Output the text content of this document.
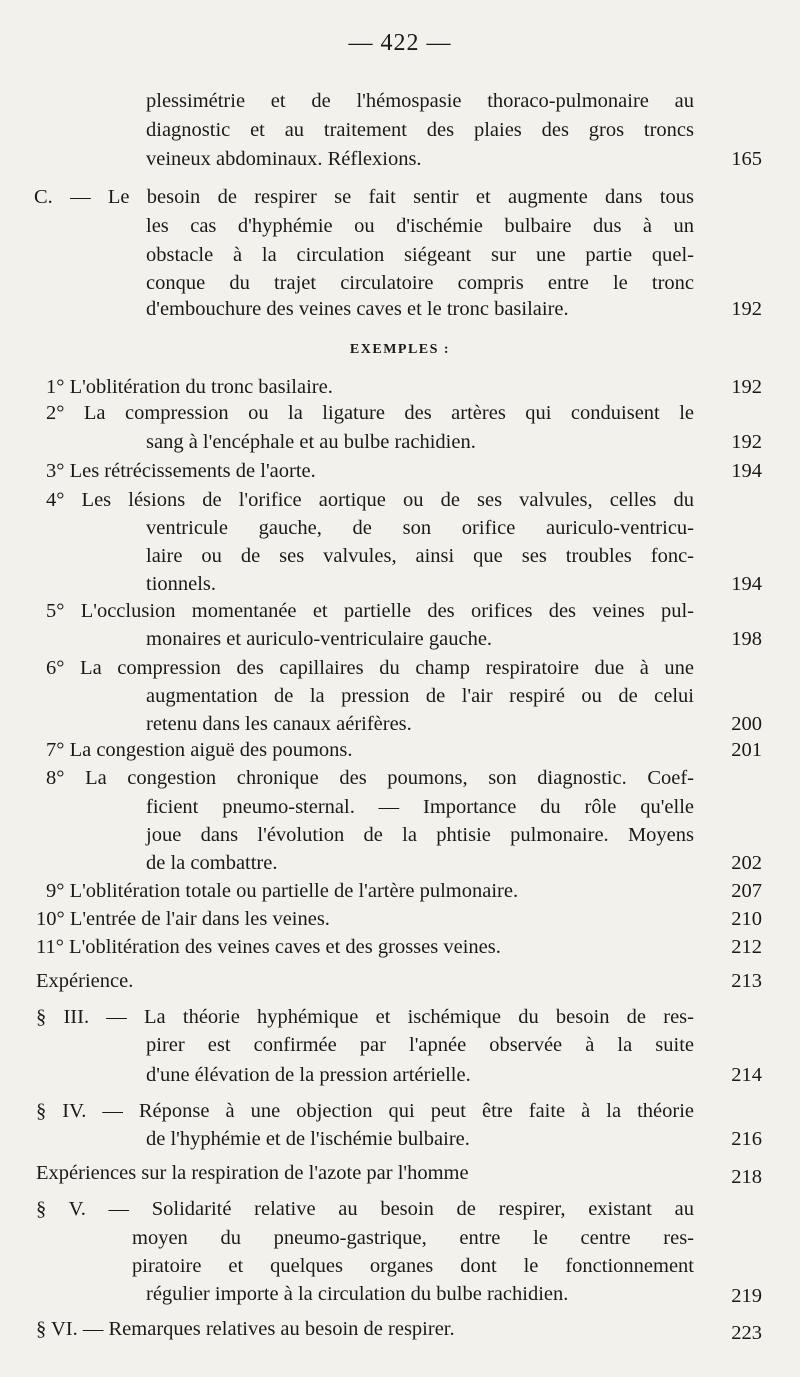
— 422 —
plessimétrie et de l'hémospasie thoraco-pulmonaire au
diagnostic et au traitement des plaies des gros troncs
veineux abdominaux. Réflexions.	165
C. — Le besoin de respirer se fait sentir et augmente dans tous
les cas d'hyphémie ou d'ischémie bulbaire dus à un
obstacle à la circulation siégeant sur une partie quel-
conque du trajet circulatoire compris entre le tronc
d'embouchure des veines caves et le tronc basilaire.	192
EXEMPLES :
1° L'oblitération du tronc basilaire.	192
2° La compression ou la ligature des artères qui conduisent le
sang à l'encéphale et au bulbe rachidien.	192
3° Les rétrécissements de l'aorte.	194
4° Les lésions de l'orifice aortique ou de ses valvules, celles du
ventricule gauche, de son orifice auriculo-ventricu-
laire ou de ses valvules, ainsi que ses troubles fonc-
tionnels.	194
5° L'occlusion momentanée et partielle des orifices des veines pul-
monaires et auriculo-ventriculaire gauche.	198
6° La compression des capillaires du champ respiratoire due à une
augmentation de la pression de l'air respiré ou de celui
retenu dans les canaux aérifères.	200
7° La congestion aiguë des poumons.	201
8° La congestion chronique des poumons, son diagnostic. Coef-
ficient pneumo-sternal. — Importance du rôle qu'elle
joue dans l'évolution de la phtisie pulmonaire. Moyens
de la combattre.	202
9° L'oblitération totale ou partielle de l'artère pulmonaire.	207
10° L'entrée de l'air dans les veines.	210
11° L'oblitération des veines caves et des grosses veines.	212
Expérience.	213
§ III. — La théorie hyphémique et ischémique du besoin de res-
pirer est confirmée par l'apnée observée à la suite
d'une élévation de la pression artérielle.	214
§ IV. — Réponse à une objection qui peut être faite à la théorie
de l'hyphémie et de l'ischémie bulbaire.	216
Expériences sur la respiration de l'azote par l'homme	218
§ V. — Solidarité relative au besoin de respirer, existant au
moyen du pneumo-gastrique, entre le centre res-
piratoire et quelques organes dont le fonctionnement
régulier importe à la circulation du bulbe rachidien.	219
§ VI. — Remarques relatives au besoin de respirer.	223
